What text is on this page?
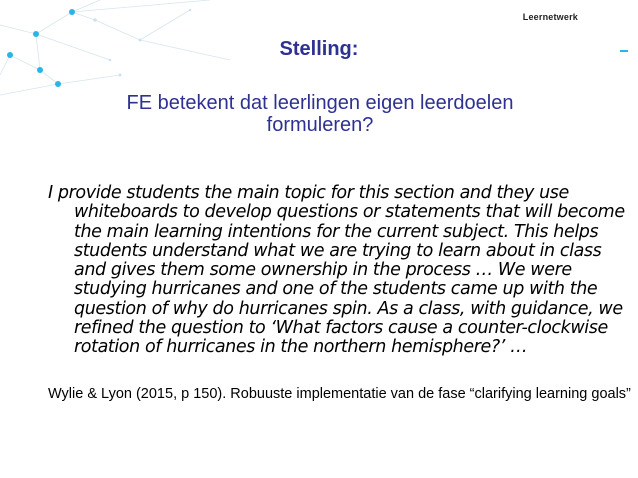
Leernetwerk
Stelling:
FE betekent dat leerlingen eigen leerdoelen formuleren?
I provide students the main topic for this section and they use whiteboards to develop questions or statements that will become the main learning intentions for the current subject. This helps students understand what we are trying to learn about in class and gives them some ownership in the process … We were studying hurricanes and one of the students came up with the question of why do hurricanes spin. As a class, with guidance, we refined the question to ‘What factors cause a counter-clockwise rotation of hurricanes in the northern hemisphere?’ …
Wylie & Lyon (2015, p 150). Robuuste implementatie van de fase “clarifying learning goals”
